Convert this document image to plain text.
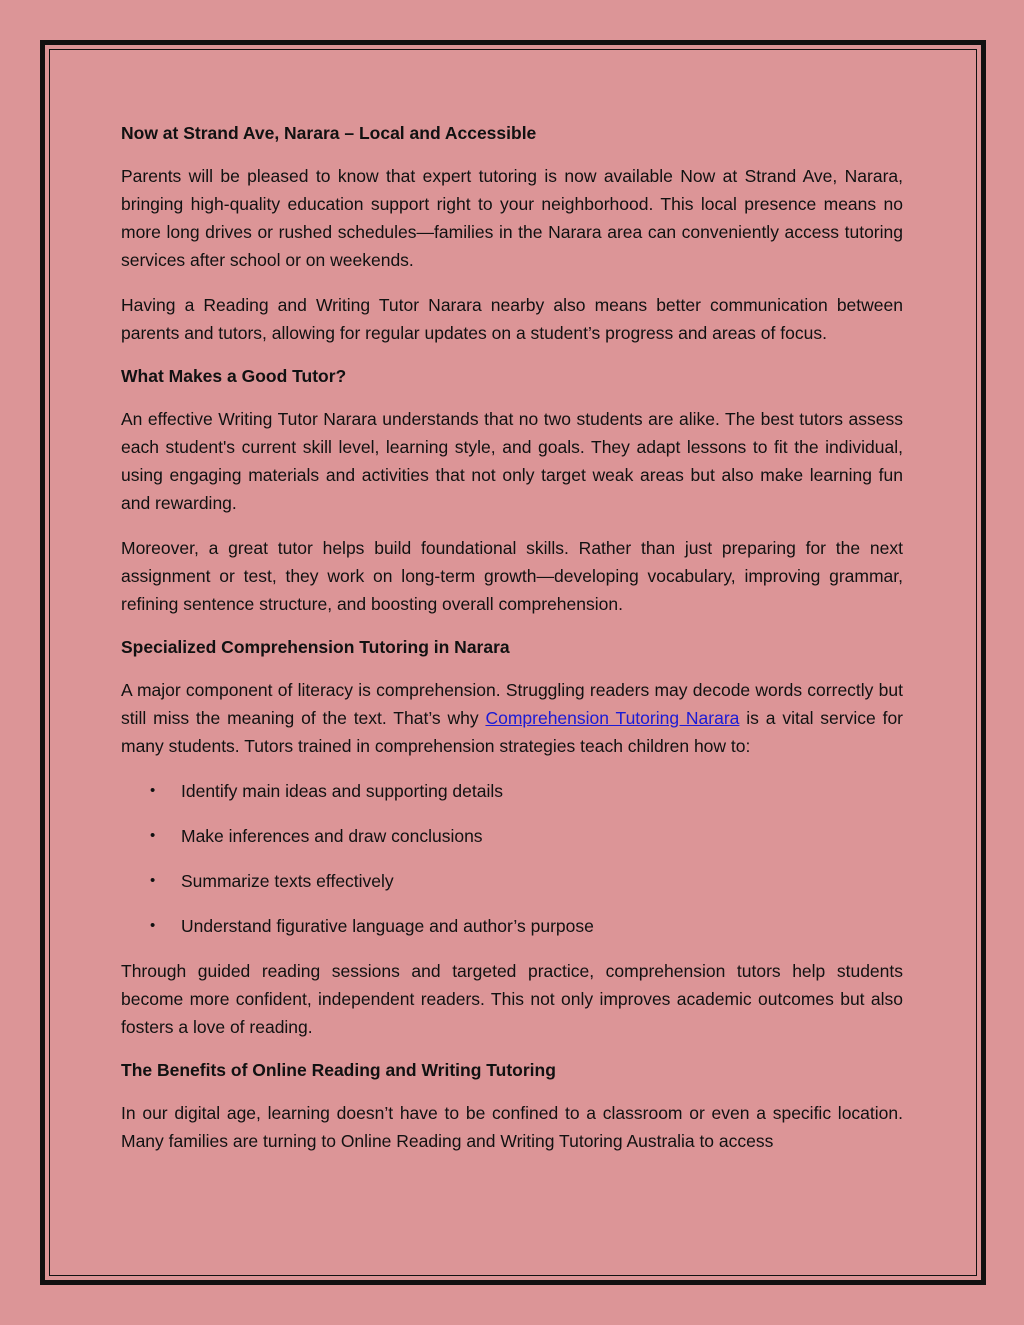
Now at Strand Ave, Narara – Local and Accessible

Parents will be pleased to know that expert tutoring is now available Now at Strand Ave, Narara, bringing high-quality education support right to your neighborhood. This local presence means no more long drives or rushed schedules—families in the Narara area can conveniently access tutoring services after school or on weekends.

Having a Reading and Writing Tutor Narara nearby also means better communication between parents and tutors, allowing for regular updates on a student’s progress and areas of focus.

What Makes a Good Tutor?

An effective Writing Tutor Narara understands that no two students are alike. The best tutors assess each student's current skill level, learning style, and goals. They adapt lessons to fit the individual, using engaging materials and activities that not only target weak areas but also make learning fun and rewarding.

Moreover, a great tutor helps build foundational skills. Rather than just preparing for the next assignment or test, they work on long-term growth—developing vocabulary, improving grammar, refining sentence structure, and boosting overall comprehension.

Specialized Comprehension Tutoring in Narara

A major component of literacy is comprehension. Struggling readers may decode words correctly but still miss the meaning of the text. That’s why Comprehension Tutoring Narara is a vital service for many students. Tutors trained in comprehension strategies teach children how to:

• Identify main ideas and supporting details
• Make inferences and draw conclusions
• Summarize texts effectively
• Understand figurative language and author’s purpose

Through guided reading sessions and targeted practice, comprehension tutors help students become more confident, independent readers. This not only improves academic outcomes but also fosters a love of reading.

The Benefits of Online Reading and Writing Tutoring

In our digital age, learning doesn’t have to be confined to a classroom or even a specific location. Many families are turning to Online Reading and Writing Tutoring Australia to access
